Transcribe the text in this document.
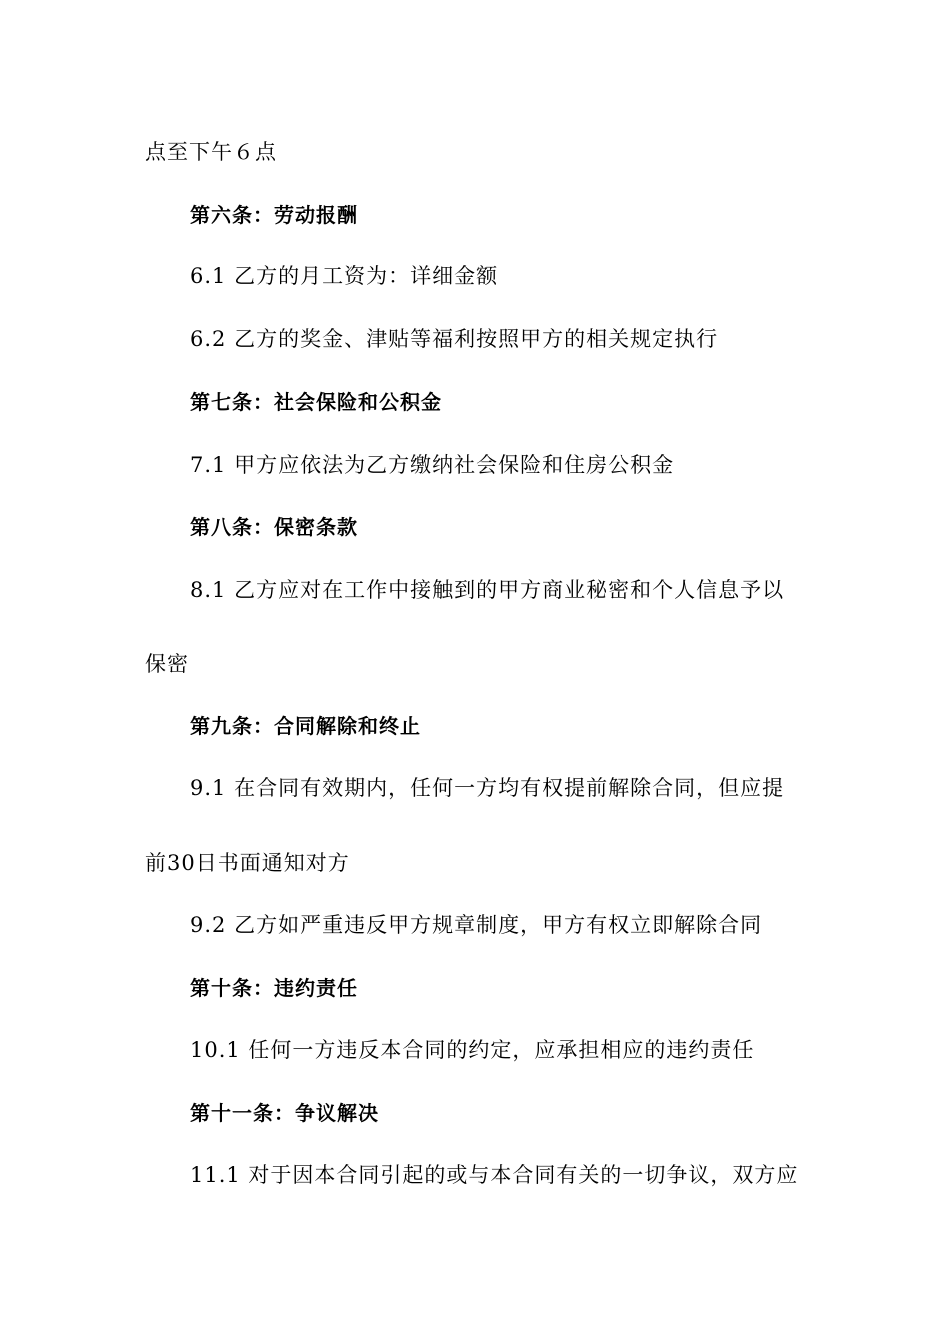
点至下午６点
第六条：劳动报酬
6.1 乙方的月工资为：详细金额
6.2 乙方的奖金、津贴等福利按照甲方的相关规定执行
第七条：社会保险和公积金
7.1 甲方应依法为乙方缴纳社会保险和住房公积金
第八条：保密条款
8.1 乙方应对在工作中接触到的甲方商业秘密和个人信息予以
保密
第九条：合同解除和终止
9.1 在合同有效期内，任何一方均有权提前解除合同，但应提
前30日书面通知对方
9.2 乙方如严重违反甲方规章制度，甲方有权立即解除合同
第十条：违约责任
10.1 任何一方违反本合同的约定，应承担相应的违约责任
第十一条：争议解决
11.1 对于因本合同引起的或与本合同有关的一切争议，双方应
